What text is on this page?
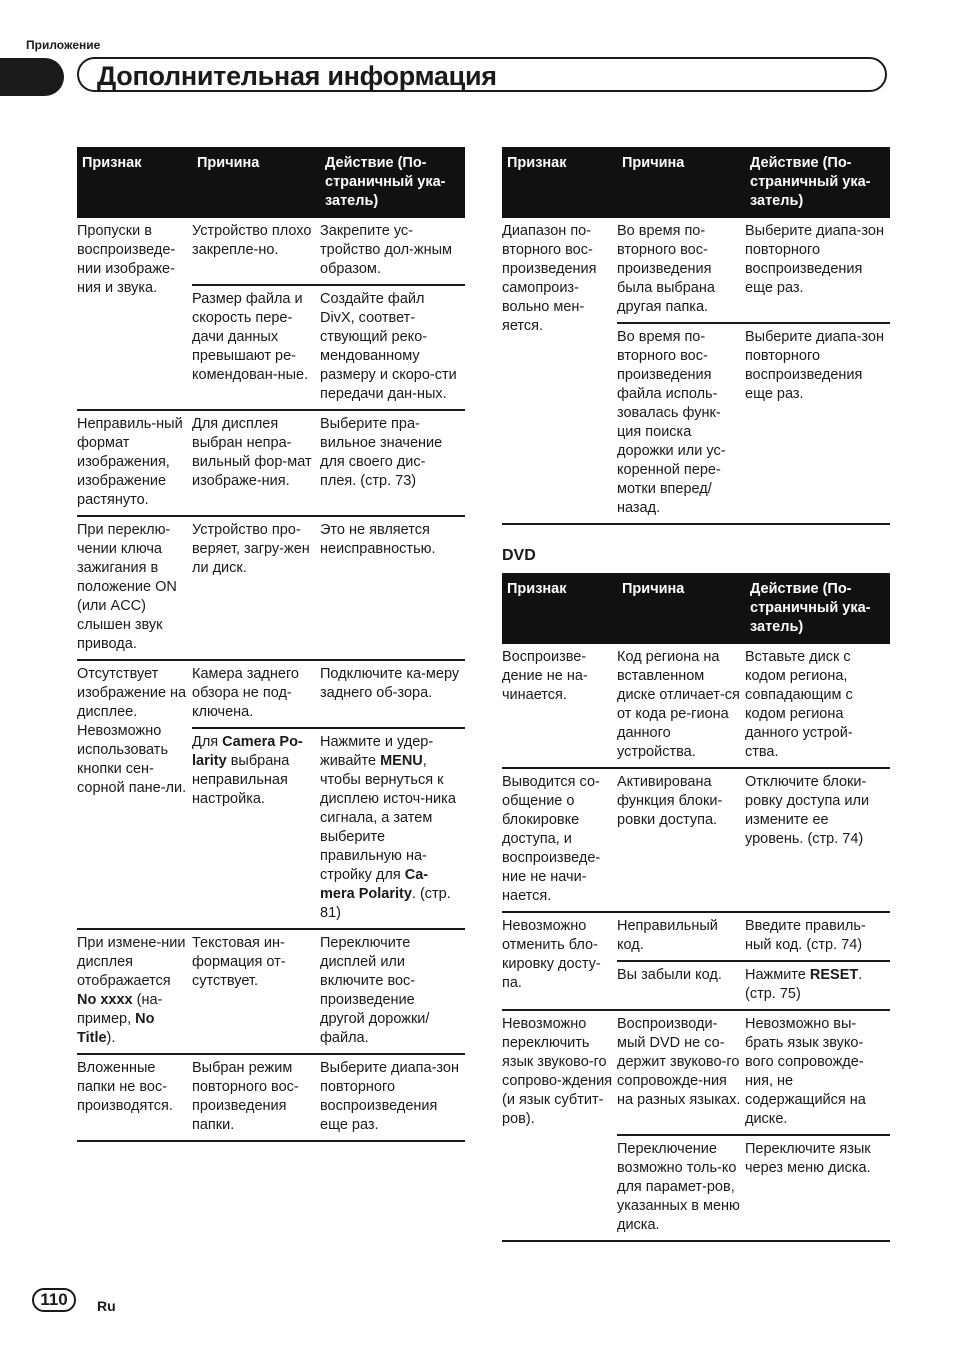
Приложение
Дополнительная информация
Признак	Причина	Действие (По-страничный ука-затель)
Пропуски в воспроизведе-нии изображе-ния и звука.	Устройство плохо закрепле-но.	Закрепите ус-тройство дол-жным образом.
	Размер файла и скорость пере-дачи данных превышают ре-комендован-ные.	Создайте файл DivX, соответ-ствующий реко-мендованному размеру и скоро-сти передачи дан-ных.
Неправиль-ный формат изображения, изображение растянуто.	Для дисплея выбран непра-вильный фор-мат изображе-ния.	Выберите пра-вильное значение для своего дис-плея. (стр. 73)
При переклю-чении ключа зажигания в положение ON (или ACC) слышен звук привода.	Устройство про-веряет, загру-жен ли диск.	Это не является неисправностью.
Отсутствует изображение на дисплее. Невозможно использовать кнопки сен-сорной пане-ли.	Камера заднего обзора не под-ключена.	Подключите ка-меру заднего об-зора.
	Для Camera Po-larity выбрана неправильная настройка.	Нажмите и удер-живайте MENU, чтобы вернуться к дисплею источ-ника сигнала, а затем выберите правильную на-стройку для Ca-mera Polarity. (стр. 81)
При измене-нии дисплея отображается No xxxx (на-пример, No Title).	Текстовая ин-формация от-сутствует.	Переключите дисплей или включите вос-произведение другой дорожки/ файла.
Вложенные папки не вос-производятся.	Выбран режим повторного вос-произведения папки.	Выберите диапа-зон повторного воспроизведения еще раз.
Признак	Причина	Действие (По-страничный ука-затель)
Диапазон по-вторного вос-произведения самопроиз-вольно мен-яется.	Во время по-вторного вос-произведения была выбрана другая папка.	Выберите диапа-зон повторного воспроизведения еще раз.
	Во время по-вторного вос-произведения файла исполь-зовалась функ-ция поиска дорожки или ус-коренной пере-мотки вперед/ назад.	Выберите диапа-зон повторного воспроизведения еще раз.
DVD
Признак	Причина	Действие (По-страничный ука-затель)
Воспроизве-дение не на-чинается.	Код региона на вставленном диске отличает-ся от кода ре-гиона данного устройства.	Вставьте диск с кодом региона, совпадающим с кодом региона данного устрой-ства.
Выводится со-общение о блокировке доступа, и воспроизведе-ние не начи-нается.	Активирована функция блоки-ровки доступа.	Отключите блоки-ровку доступа или измените ее уровень. (стр. 74)
Невозможно отменить бло-кировку досту-па.	Неправильный код.	Введите правиль-ный код. (стр. 74)
	Вы забыли код.	Нажмите RESET. (стр. 75)
Невозможно переключить язык звуково-го сопрово-ждения (и язык субтит-ров).	Воспроизводи-мый DVD не со-держит звуково-го сопровожде-ния на разных языках.	Невозможно вы-брать язык звуко-вого сопровожде-ния, не содержащийся на диске.
	Переключение возможно толь-ко для парамет-ров, указанных в меню диска.	Переключите язык через меню диска.
110	Ru
